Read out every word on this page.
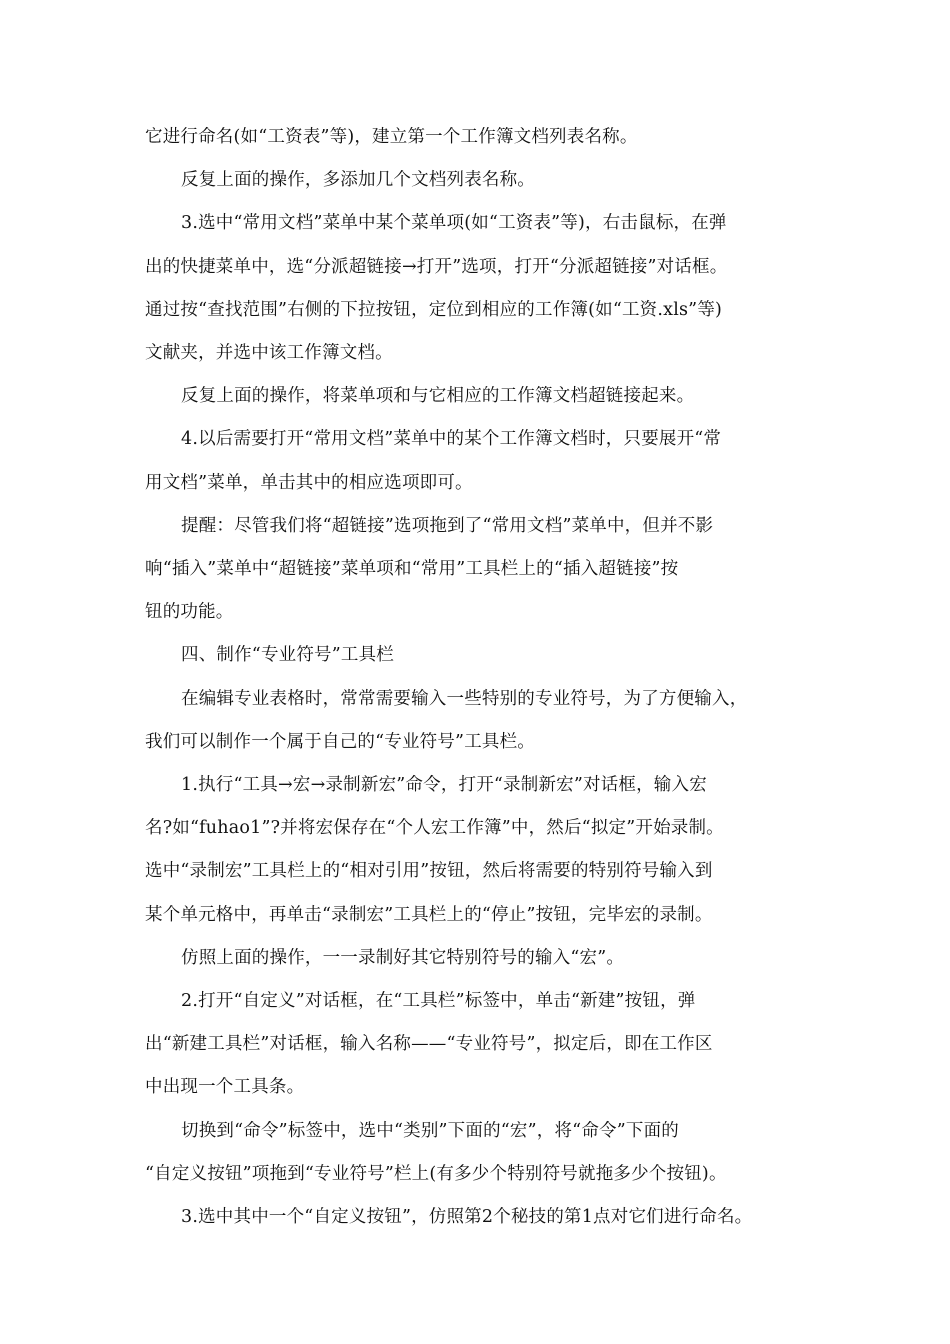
它进行命名(如“工资表”等)，建立第一个工作簿文档列表名称。

反复上面的操作，多添加几个文档列表名称。

3.选中“常用文档”菜单中某个菜单项(如“工资表”等)，右击鼠标，在弹
出的快捷菜单中，选“分派超链接→打开”选项，打开“分派超链接”对话框。
通过按“查找范围”右侧的下拉按钮，定位到相应的工作簿(如“工资.xls”等)
文献夹，并选中该工作簿文档。

反复上面的操作，将菜单项和与它相应的工作簿文档超链接起来。

4.以后需要打开“常用文档”菜单中的某个工作簿文档时，只要展开“常
用文档”菜单，单击其中的相应选项即可。

提醒：尽管我们将“超链接”选项拖到了“常用文档”菜单中，但并不影
响“插入”菜单中“超链接”菜单项和“常用”工具栏上的“插入超链接”按
钮的功能。

四、制作“专业符号”工具栏

在编辑专业表格时，常常需要输入一些特别的专业符号，为了方便输入，
我们可以制作一个属于自己的“专业符号”工具栏。

1.执行“工具→宏→录制新宏”命令，打开“录制新宏”对话框，输入宏
名?如“fuhao1”?并将宏保存在“个人宏工作簿”中，然后“拟定”开始录制。
选中“录制宏”工具栏上的“相对引用”按钮，然后将需要的特别符号输入到
某个单元格中，再单击“录制宏”工具栏上的“停止”按钮，完毕宏的录制。

仿照上面的操作，一一录制好其它特别符号的输入“宏”。

2.打开“自定义”对话框，在“工具栏”标签中，单击“新建”按钮，弹
出“新建工具栏”对话框，输入名称——“专业符号”，拟定后，即在工作区
中出现一个工具条。

切换到“命令”标签中，选中“类别”下面的“宏”，将“命令”下面的
“自定义按钮”项拖到“专业符号”栏上(有多少个特别符号就拖多少个按钮)。

3.选中其中一个“自定义按钮”，仿照第2个秘技的第1点对它们进行命名。
